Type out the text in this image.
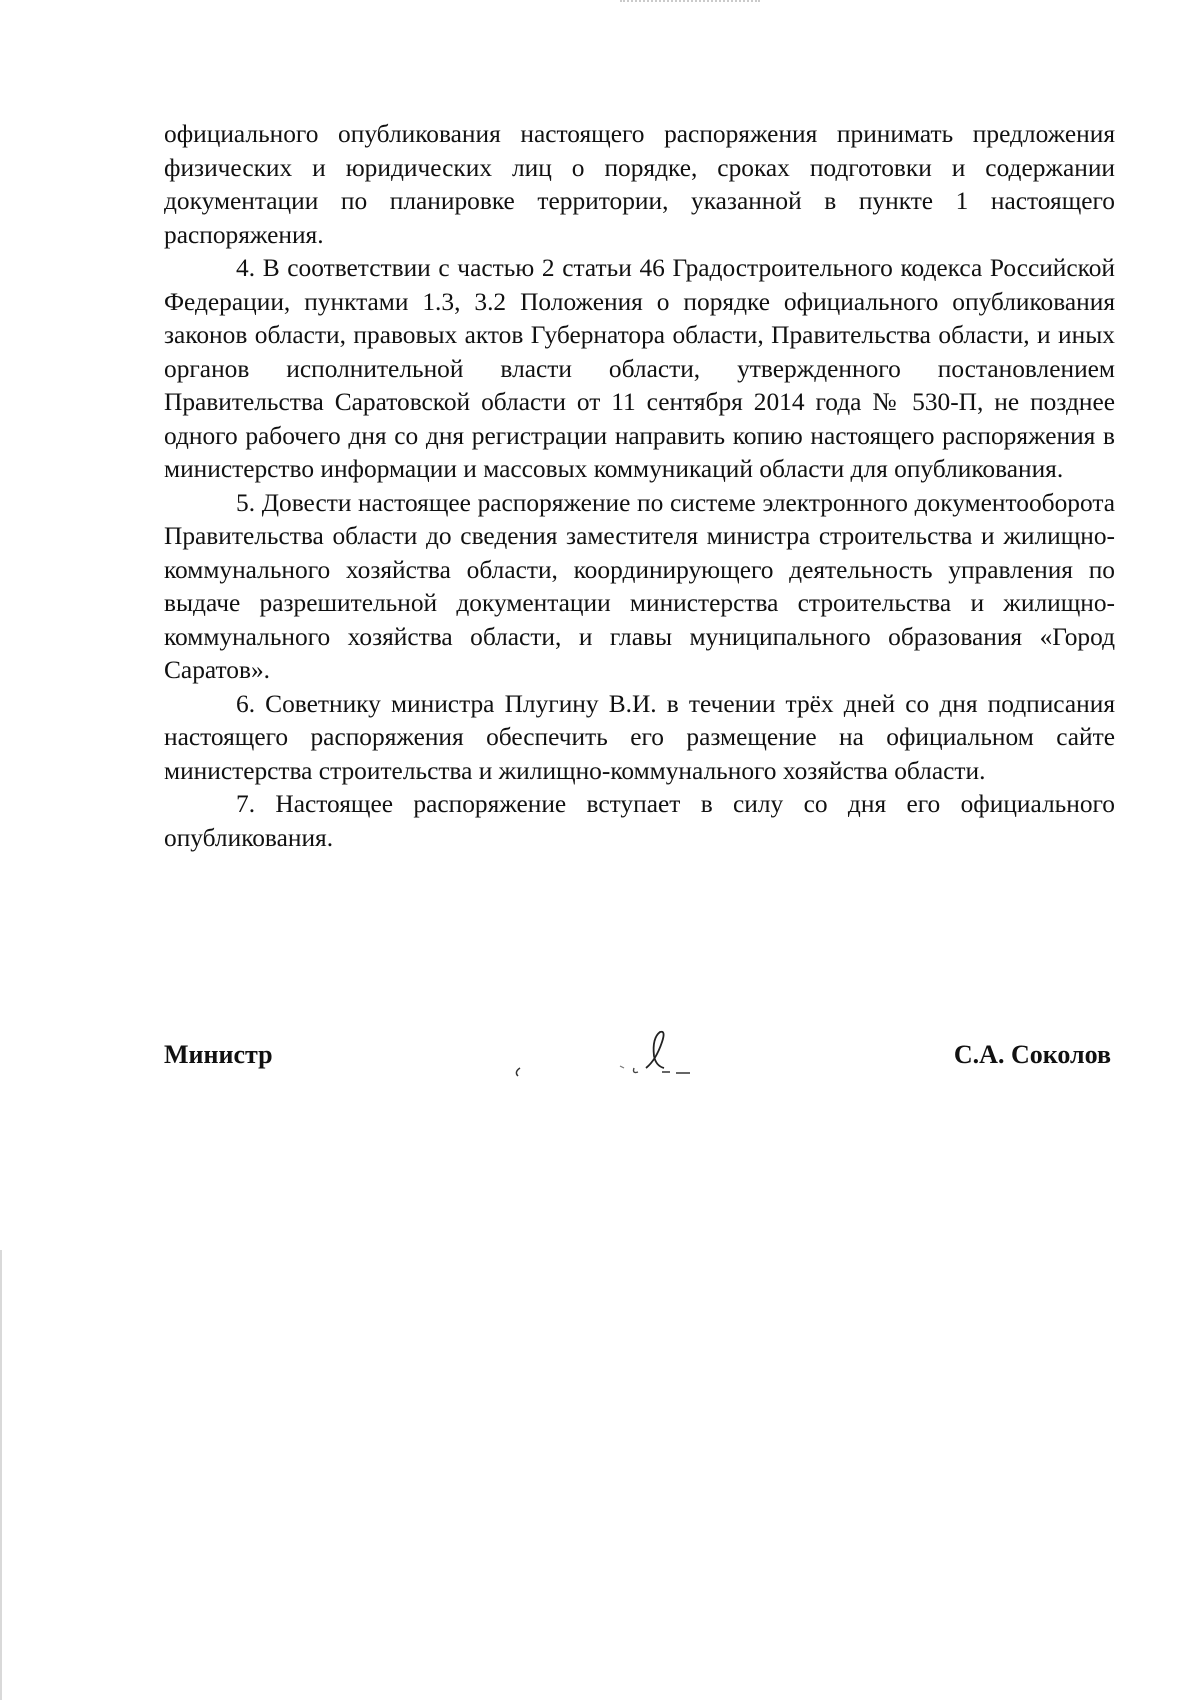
официального опубликования настоящего распоряжения принимать предложения физических и юридических лиц о порядке, сроках подготовки и содержании документации по планировке территории, указанной в пункте 1 настоящего распоряжения.

4. В соответствии с частью 2 статьи 46 Градостроительного кодекса Российской Федерации, пунктами 1.3, 3.2 Положения о порядке официального опубликования законов области, правовых актов Губернатора области, Правительства области, и иных органов исполнительной власти области, утвержденного постановлением Правительства Саратовской области от 11 сентября 2014 года № 530-П, не позднее одного рабочего дня со дня регистрации направить копию настоящего распоряжения в министерство информации и массовых коммуникаций области для опубликования.

5. Довести настоящее распоряжение по системе электронного документооборота Правительства области до сведения заместителя министра строительства и жилищно-коммунального хозяйства области, координирующего деятельность управления по выдаче разрешительной документации министерства строительства и жилищно-коммунального хозяйства области, и главы муниципального образования «Город Саратов».

6. Советнику министра Плугину В.И. в течении трёх дней со дня подписания настоящего распоряжения обеспечить его размещение на официальном сайте министерства строительства и жилищно-коммунального хозяйства области.

7. Настоящее распоряжение вступает в силу со дня его официального опубликования.

Министр	С.А. Соколов
